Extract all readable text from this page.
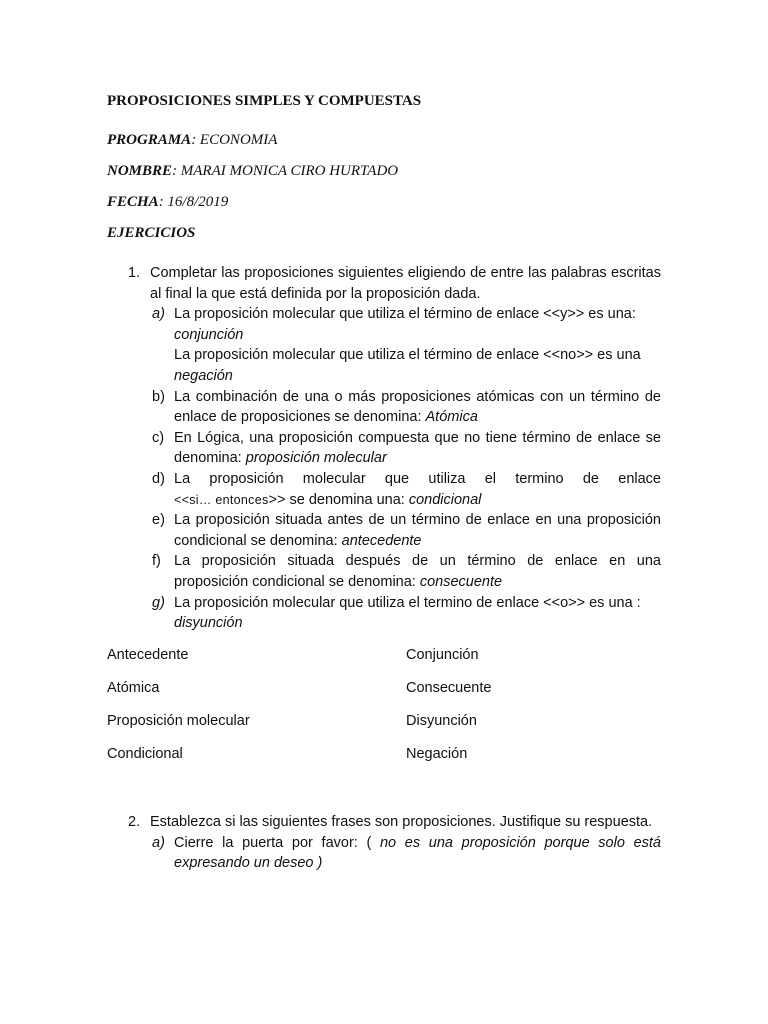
PROPOSICIONES SIMPLES Y COMPUESTAS
PROGRAMA: ECONOMIA
NOMBRE: MARAI MONICA CIRO HURTADO
FECHA: 16/8/2019
EJERCICIOS
1. Completar las proposiciones siguientes eligiendo de entre las palabras escritas al final la que está definida por la proposición dada.
a) La proposición molecular que utiliza el término de enlace <<y>> es una:
conjunción
La proposición molecular que utiliza el término de enlace <<no>> es una
negación
b) La combinación de una o más proposiciones atómicas con un término de enlace de proposiciones se denomina: Atómica
c) En Lógica, una proposición compuesta que no tiene término de enlace se denomina: proposición molecular
d) La proposición molecular que utiliza el termino de enlace
<<si… entonces>> se denomina una: condicional
e) La proposición situada antes de un término de enlace en una proposición condicional se denomina: antecedente
f) La proposición situada después de un término de enlace en una proposición condicional se denomina: consecuente
g) La proposición molecular que utiliza el termino de enlace <<o>> es una :
disyunción
Antecedente	Conjunción
Atómica	Consecuente
Proposición molecular	Disyunción
Condicional	Negación
2. Establezca si las siguientes frases son proposiciones. Justifique su respuesta.
a) Cierre la puerta por favor: ( no es una proposición porque solo está expresando un deseo )
